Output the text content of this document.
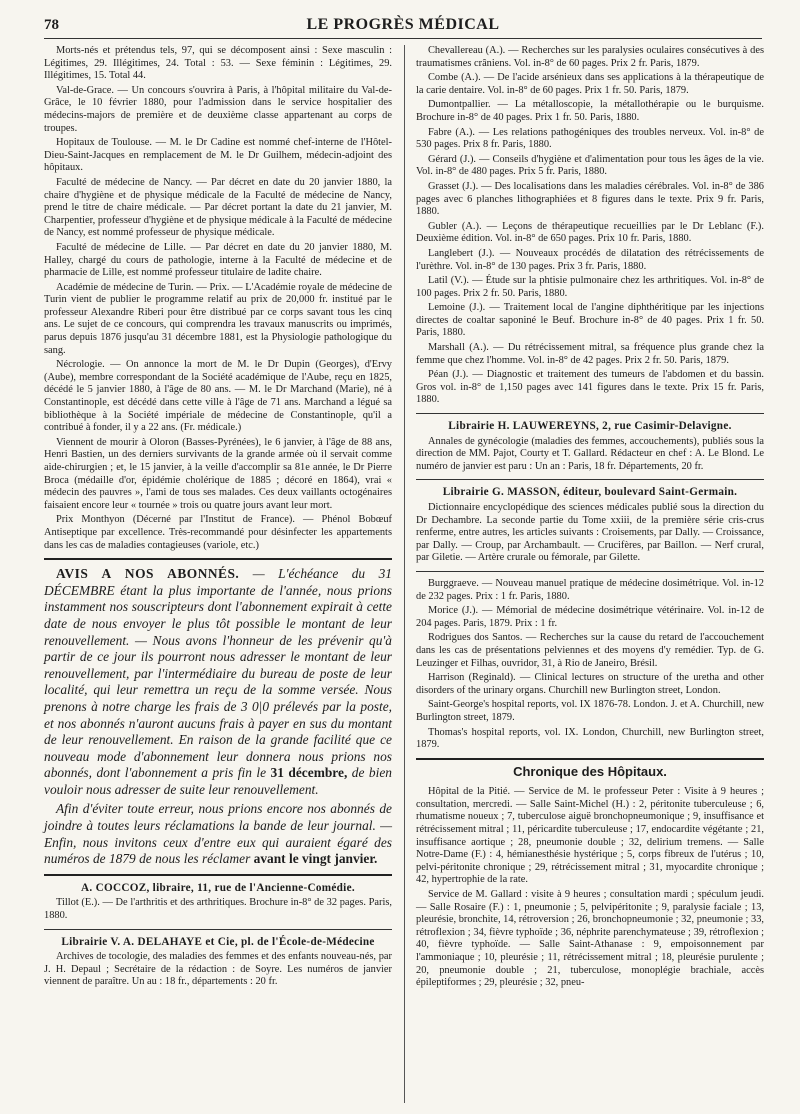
78	LE PROGRÈS MÉDICAL

Morts-nés et prétendus tels, 97, qui se décomposent ainsi : Sexe masculin : Légitimes, 29. Illégitimes, 24. Total : 53. — Sexe féminin : Légitimes, 29. Illégitimes, 15. Total 44.

Val-de-Grace. — Un concours s'ouvrira à Paris, à l'hôpital militaire du Val-de-Grâce, le 10 février 1880, pour l'admission dans le service hospitalier des médecins-majors de première et de deuxième classe appartenant au corps de troupes.

Hopitaux de Toulouse. — M. le Dr Cadine est nommé chef-interne de l'Hôtel-Dieu-Saint-Jacques en remplacement de M. le Dr Guilhem, médecin-adjoint des hôpitaux.

Faculté de médecine de Nancy. — Par décret en date du 20 janvier 1880, la chaire d'hygiène et de physique médicale de la Faculté de médecine de Nancy, prend le titre de chaire médicale. — Par décret portant la date du 21 janvier, M. Charpentier, professeur d'hygiène et de physique médicale à la Faculté de médecine de Nancy, est nommé professeur de physique médicale.

Faculté de médecine de Lille. — Par décret en date du 20 janvier 1880, M. Halley, chargé du cours de pathologie, interne à la Faculté de médecine et de pharmacie de Lille, est nommé professeur titulaire de ladite chaire.

Académie de médecine de Turin. — Prix. — L'Académie royale de médecine de Turin vient de publier le programme relatif au prix de 20,000 fr. institué par le professeur Alexandre Riberi pour être distribué par ce corps savant tous les cinq ans. Le sujet de ce concours, qui comprendra les travaux manuscrits ou imprimés, parus depuis 1876 jusqu'au 31 décembre 1881, est la Physiologie pathologique du sang.

Nécrologie. — On annonce la mort de M. le Dr Dupin (Georges), d'Ervy (Aube), membre correspondant de la Société académique de l'Aube, reçu en 1825, décédé le 5 janvier 1880, à l'âge de 80 ans. — M. le Dr Marchand (Marie), né à Constantinople, est décédé dans cette ville à l'âge de 71 ans. Marchand a légué sa bibliothèque à la Société impériale de médecine de Constantinople, qu'il a contribué à fonder, il y a 22 ans. (Fr. médicale.)

Viennent de mourir à Oloron (Basses-Pyrénées), le 6 janvier, à l'âge de 88 ans, Henri Bastien, un des derniers survivants de la grande armée où il servait comme aide-chirurgien ; et, le 15 janvier, à la veille d'accomplir sa 81e année, le Dr Pierre Broca (médaille d'or, épidémie cholérique de 1885 ; décoré en 1864), vrai « médecin des pauvres », l'ami de tous ses malades. Ces deux vaillants octogénaires faisaient encore leur « tournée » trois ou quatre jours avant leur mort.

Prix Monthyon (Décerné par l'Institut de France). — Phénol Bobœuf Antiseptique par excellence. Très-recommandé pour désinfecter les appartements dans les cas de maladies contagieuses (variole, etc.)

AVIS A NOS ABONNÉS. — L'échéance du 31 DÉCEMBRE étant la plus importante de l'année, nous prions instamment nos souscripteurs dont l'abonnement expirait à cette date de nous envoyer le plus tôt possible le montant de leur renouvellement. — Nous avons l'honneur de les prévenir qu'à partir de ce jour ils pourront nous adresser le montant de leur renouvellement, par l'intermédiaire du bureau de poste de leur localité, qui leur remettra un reçu de la somme versée. Nous prenons à notre charge les frais de 3 0|0 prélevés par la poste, et nos abonnés n'auront aucuns frais à payer en sus du montant de leur renouvellement. En raison de la grande facilité que ce nouveau mode d'abonnement leur donnera nous prions nos abonnés, dont l'abonnement a pris fin le 31 décembre, de bien vouloir nous adresser de suite leur renouvellement.

Afin d'éviter toute erreur, nous prions encore nos abonnés de joindre à toutes leurs réclamations la bande de leur journal. — Enfin, nous invitons ceux d'entre eux qui auraient égaré des numéros de 1879 de nous les réclamer avant le vingt janvier.

A. COCCOZ, libraire, 11, rue de l'Ancienne-Comédie.

Tillot (E.). — De l'arthritis et des arthritiques. Brochure in-8° de 32 pages. Paris, 1880.

Librairie V. A. DELAHAYE et Cie, pl. de l'École-de-Médecine

Archives de tocologie, des maladies des femmes et des enfants nouveau-nés, par J. H. Depaul ; Secrétaire de la rédaction : de Soyre. Les numéros de janvier viennent de paraître. Un au : 18 fr., départements : 20 fr.

Chevallereau (A.). — Recherches sur les paralysies oculaires consécutives à des traumatismes crâniens. Vol. in-8° de 60 pages. Prix 2 fr. Paris, 1879.

Combe (A.). — De l'acide arsénieux dans ses applications à la thérapeutique de la carie dentaire. Vol. in-8° de 60 pages. Prix 1 fr. 50. Paris, 1879.

Dumontpallier. — La métalloscopie, la métallothérapie ou le burquisme. Brochure in-8° de 40 pages. Prix 1 fr. 50. Paris, 1880.

Fabre (A.). — Les relations pathogéniques des troubles nerveux. Vol. in-8° de 530 pages. Prix 8 fr. Paris, 1880.

Gérard (J.). — Conseils d'hygiène et d'alimentation pour tous les âges de la vie. Vol. in-8° de 480 pages. Prix 5 fr. Paris, 1880.

Grasset (J.). — Des localisations dans les maladies cérébrales. Vol. in-8° de 386 pages avec 6 planches lithographiées et 8 figures dans le texte. Prix 9 fr. Paris, 1880.

Gubler (A.). — Leçons de thérapeutique recueillies par le Dr Leblanc (F.). Deuxième édition. Vol. in-8° de 650 pages. Prix 10 fr. Paris, 1880.

Langlebert (J.). — Nouveaux procédés de dilatation des rétrécissements de l'urèthre. Vol. in-8° de 130 pages. Prix 3 fr. Paris, 1880.

Latil (V.). — Étude sur la phtisie pulmonaire chez les arthritiques. Vol. in-8° de 100 pages. Prix 2 fr. 50. Paris, 1880.

Lemoine (J.). — Traitement local de l'angine diphthéritique par les injections directes de coaltar saponiné le Beuf. Brochure in-8° de 40 pages. Prix 1 fr. 50. Paris, 1880.

Marshall (A.). — Du rétrécissement mitral, sa fréquence plus grande chez la femme que chez l'homme. Vol. in-8° de 42 pages. Prix 2 fr. 50. Paris, 1879.

Péan (J.). — Diagnostic et traitement des tumeurs de l'abdomen et du bassin. Gros vol. in-8° de 1,150 pages avec 141 figures dans le texte. Prix 15 fr. Paris, 1880.

Librairie H. LAUWEREYNS, 2, rue Casimir-Delavigne.

Annales de gynécologie (maladies des femmes, accouchements), publiés sous la direction de MM. Pajot, Courty et T. Gallard. Rédacteur en chef : A. Le Blond. Le numéro de janvier est paru : Un an : Paris, 18 fr. Départements, 20 fr.

Librairie G. MASSON, éditeur, boulevard Saint-Germain.

Dictionnaire encyclopédique des sciences médicales publié sous la direction du Dr Dechambre. La seconde partie du Tome xxiii, de la première série cris-crus renferme, entre autres, les articles suivants : Croisements, par Dally. — Croissance, par Dally. — Croup, par Archambault. — Crucifères, par Baillon. — Nerf crural, par Giletie. — Artère crurale ou fémorale, par Gilette.

Burggraeve. — Nouveau manuel pratique de médecine dosimétrique. Vol. in-12 de 232 pages. Prix : 1 fr. Paris, 1880.

Morice (J.). — Mémorial de médecine dosimétrique vétérinaire. Vol. in-12 de 204 pages. Paris, 1879. Prix : 1 fr.

Rodrigues dos Santos. — Recherches sur la cause du retard de l'accouchement dans les cas de présentations pelviennes et des moyens d'y remédier. Typ. de G. Leuzinger et Filhas, ouvridor, 31, à Rio de Janeiro, Brésil.

Harrison (Reginald). — Clinical lectures on structure of the uretha and other disorders of the urinary organs. Churchill new Burlington street, London.

Saint-George's hospital reports, vol. IX 1876-78. London. J. et A. Churchill, new Burlington street, 1879.

Thomas's hospital reports, vol. IX. London, Churchill, new Burlington street, 1879.

Chronique des Hôpitaux.

Hôpital de la Pitié. — Service de M. le professeur Peter : Visite à 9 heures ; consultation, mercredi. — Salle Saint-Michel (H.) : 2, péritonite tuberculeuse ; 6, rhumatisme noueux ; 7, tuberculose aiguë bronchopneumonique ; 9, insuffisance et rétrécissement mitral ; 11, péricardite tuberculeuse ; 17, endocardite végétante ; 21, insuffisance aortique ; 28, pneumonie double ; 32, delirium tremens. — Salle Notre-Dame (F.) : 4, hémianesthésie hystérique ; 5, corps fibreux de l'utérus ; 10, pelvi-péritonite chronique ; 29, rétrécissement mitral ; 31, myocardite chronique ; 42, hypertrophie de la rate.

Service de M. Gallard : visite à 9 heures ; consultation mardi ; spéculum jeudi. — Salle Rosaire (F.) : 1, pneumonie ; 5, pelvipéritonite ; 9, paralysie faciale ; 13, pleurésie, bronchite, 14, rétroversion ; 26, bronchopneumonie ; 32, pneumonie ; 33, rétroflexion ; 34, fièvre typhoïde ; 36, néphrite parenchymateuse ; 39, rétroflexion ; 40, fièvre typhoïde. — Salle Saint-Athanase : 9, empoisonnement par l'ammoniaque ; 10, pleurésie ; 11, rétrécissement mitral ; 18, pleurésie purulente ; 20, pneumonie double ; 21, tuberculose, monoplégie brachiale, accès épileptiformes ; 29, pleurésie ; 32, pneu-
